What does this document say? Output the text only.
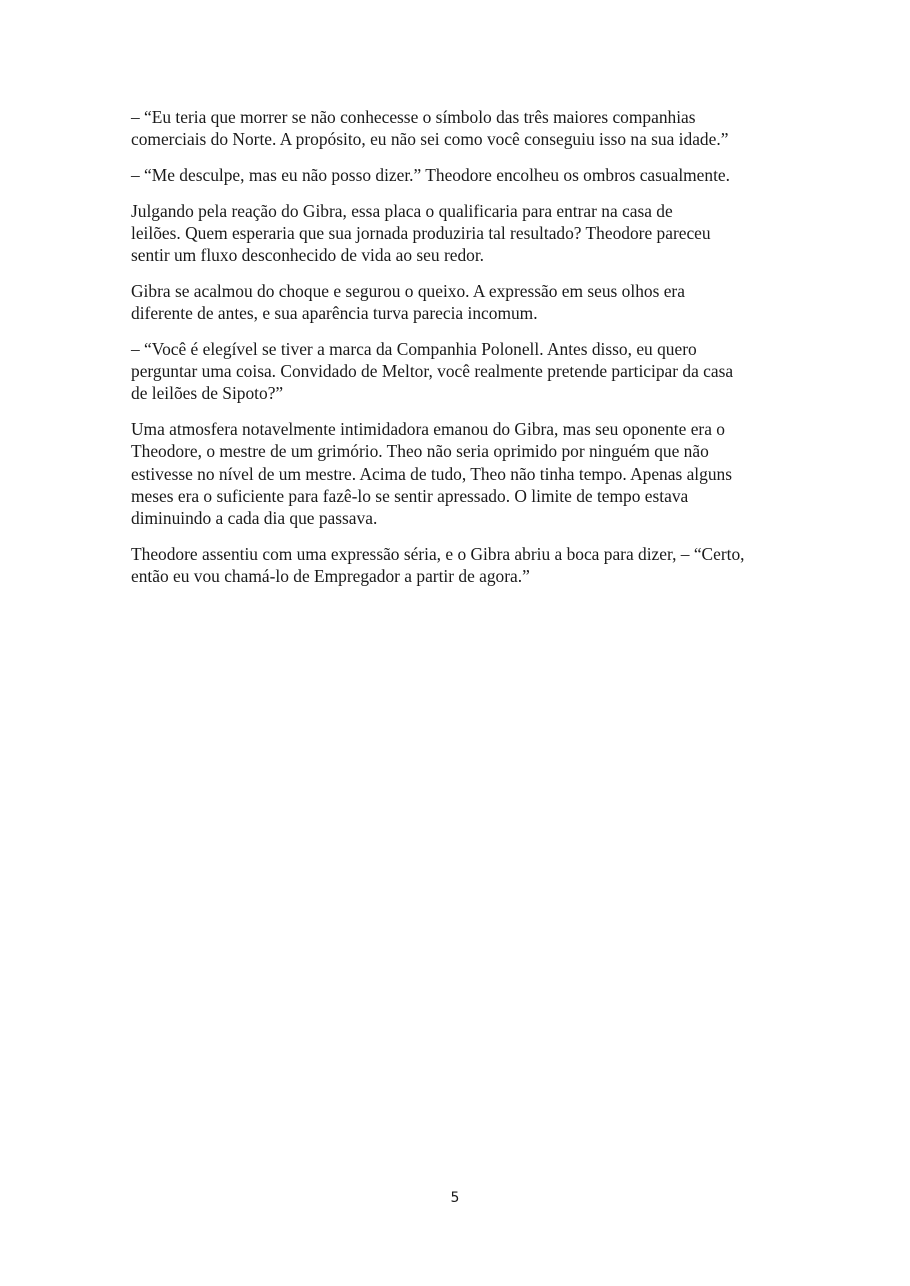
– “Eu teria que morrer se não conhecesse o símbolo das três maiores companhias
comerciais do Norte. A propósito, eu não sei como você conseguiu isso na sua idade.”

– “Me desculpe, mas eu não posso dizer.” Theodore encolheu os ombros casualmente.

Julgando pela reação do Gibra, essa placa o qualificaria para entrar na casa de
leilões. Quem esperaria que sua jornada produziria tal resultado? Theodore pareceu
sentir um fluxo desconhecido de vida ao seu redor.

Gibra se acalmou do choque e segurou o queixo. A expressão em seus olhos era
diferente de antes, e sua aparência turva parecia incomum.

– “Você é elegível se tiver a marca da Companhia Polonell. Antes disso, eu quero
perguntar uma coisa. Convidado de Meltor, você realmente pretende participar da casa
de leilões de Sipoto?”

Uma atmosfera notavelmente intimidadora emanou do Gibra, mas seu oponente era o
Theodore, o mestre de um grimório. Theo não seria oprimido por ninguém que não
estivesse no nível de um mestre. Acima de tudo, Theo não tinha tempo. Apenas alguns
meses era o suficiente para fazê-lo se sentir apressado. O limite de tempo estava
diminuindo a cada dia que passava.

Theodore assentiu com uma expressão séria, e o Gibra abriu a boca para dizer, – “Certo,
então eu vou chamá-lo de Empregador a partir de agora.”

5
